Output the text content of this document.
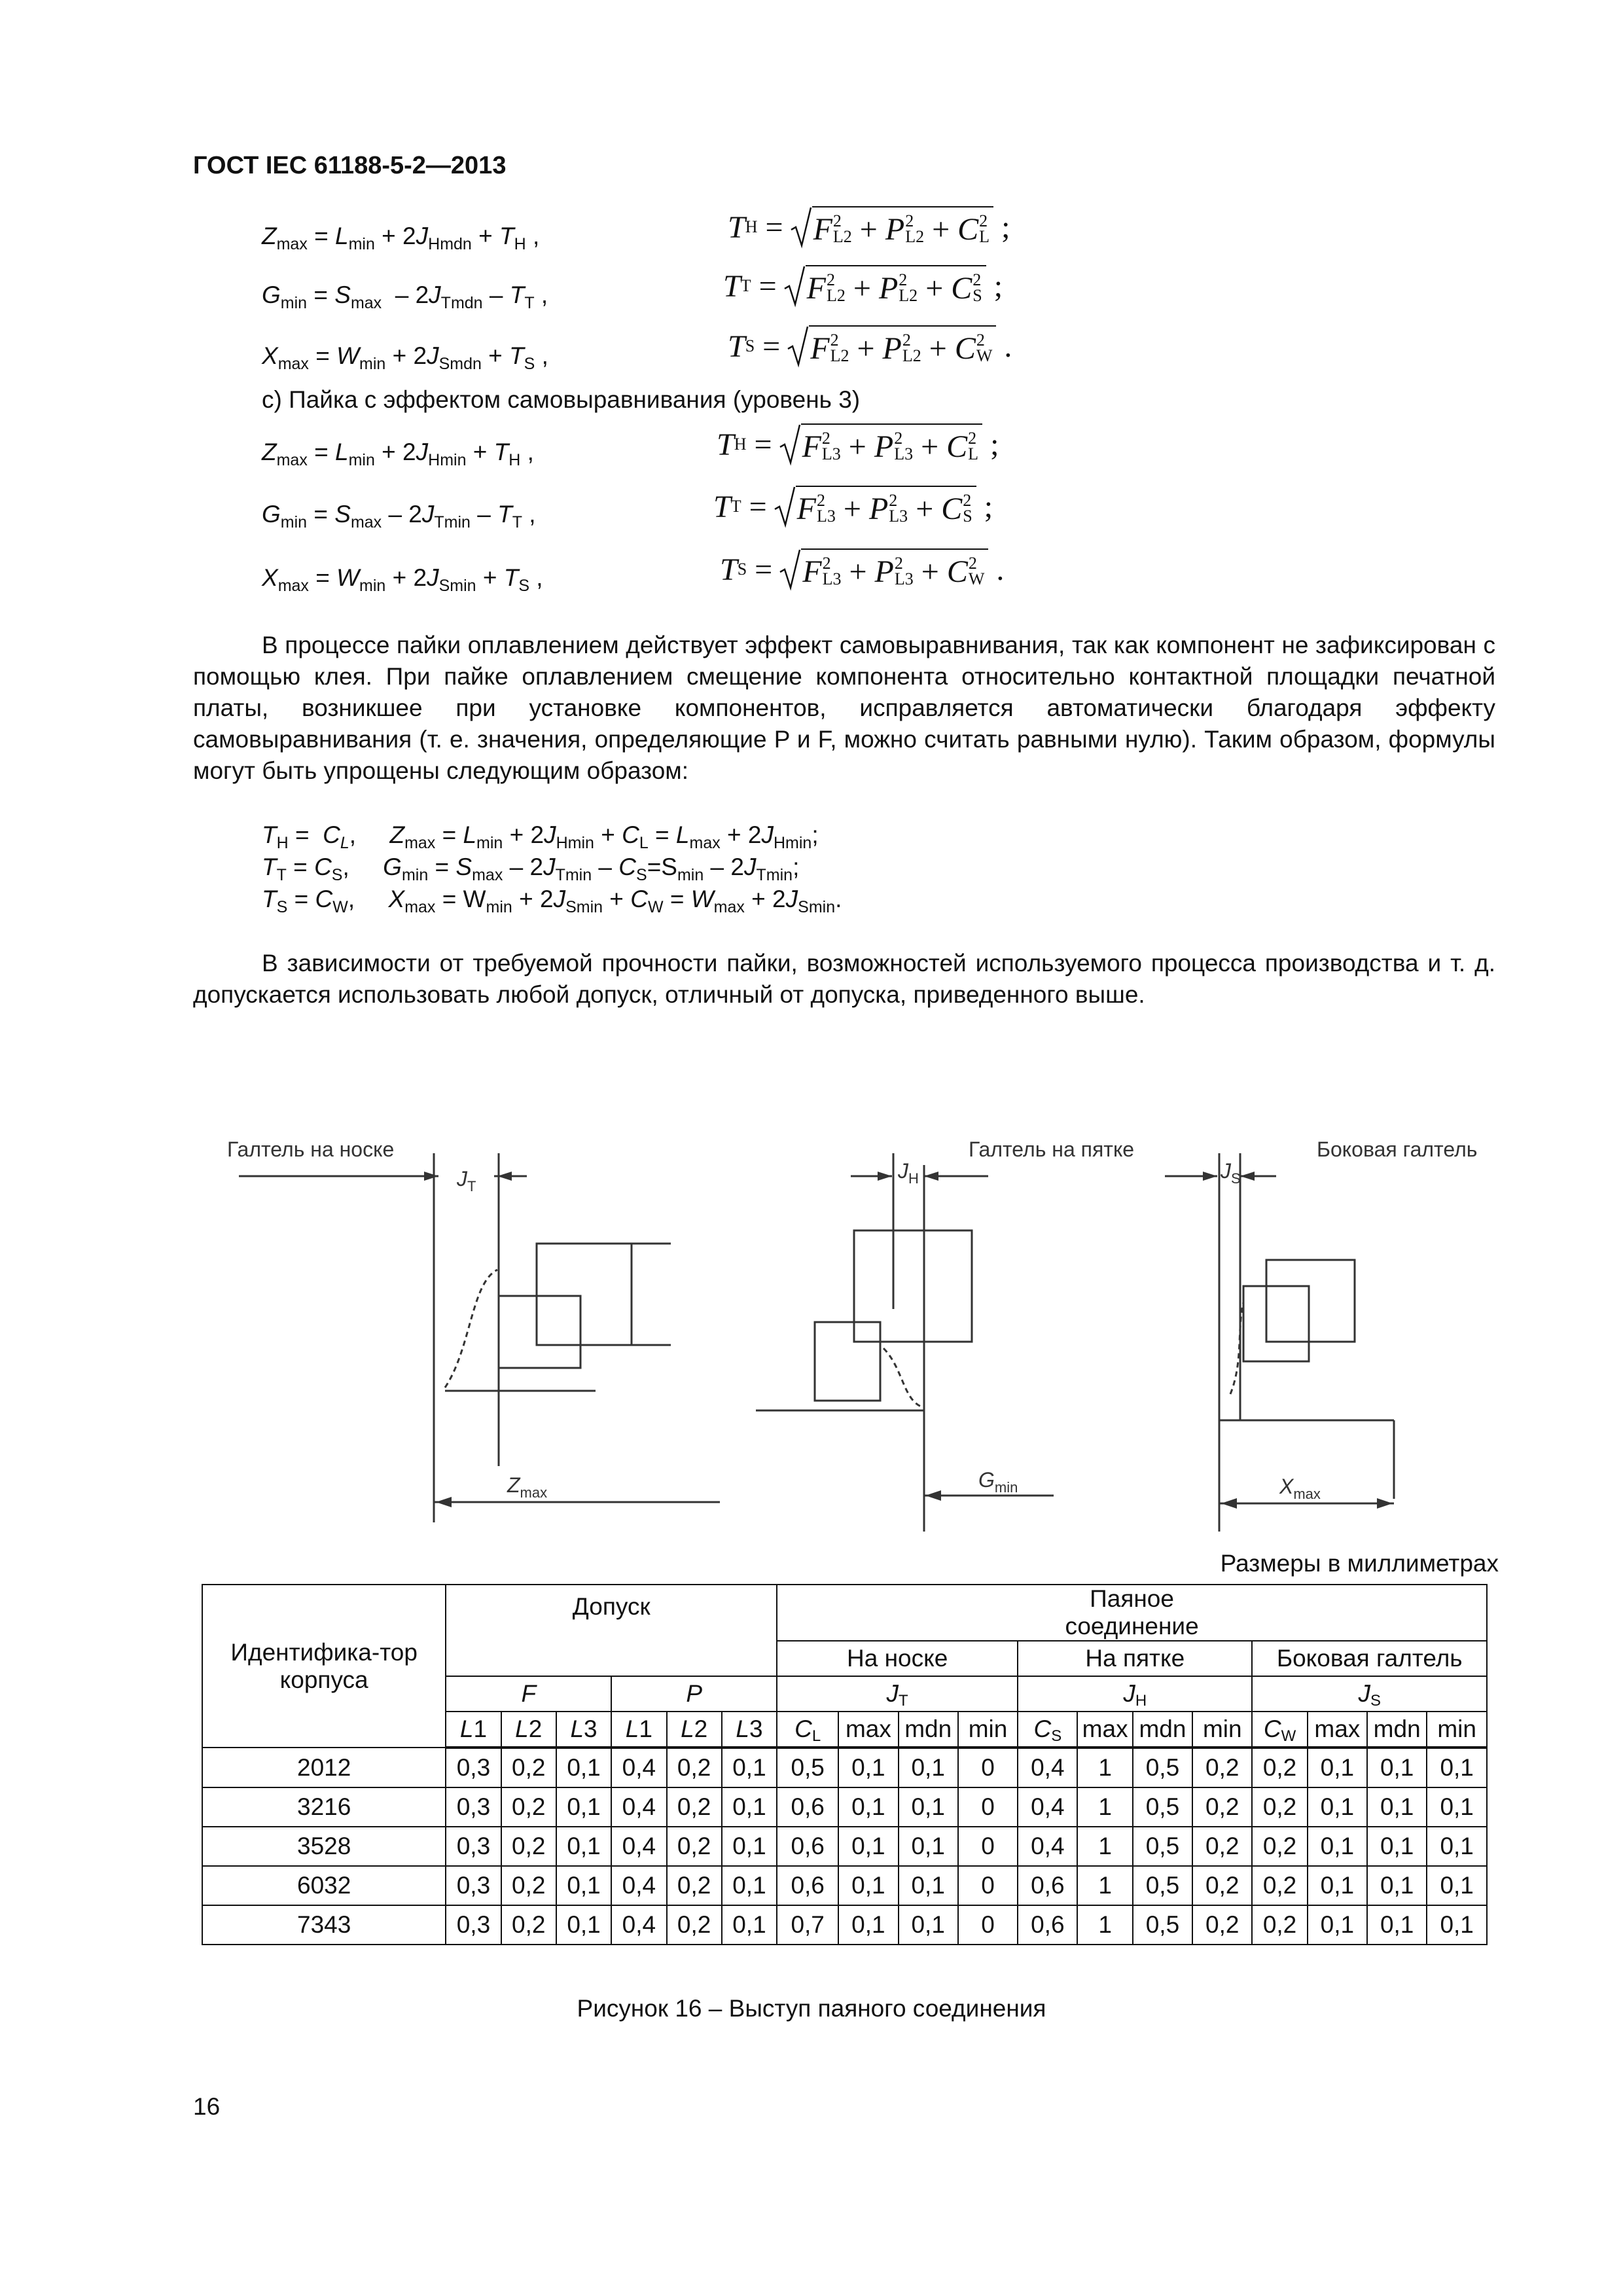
ГОСТ IEC 61188-5-2—2013
$Z_{max} = L_{min} + 2J_{Hmdn} + T_H$ ,
$G_{min} = S_{max} - 2J_{Tmdn} - T_T$ ,
$X_{max} = W_{min} + 2J_{Smdn} + T_S$ ,
T H = F 2
L2 + P 2
L2 + C 2
L ;
T T = F 2
L2 + P 2
L2 + C 2
S ;
T S = F 2
L2 + P 2
L2 + C 2
W .
c) Пайка с эффектом самовыравнивания (уровень 3)
$Z_{max} = L_{min} + 2J_{Hmin} + T_H$ ,
$G_{min} = S_{max} - 2J_{Tmin} - T_T$ ,
$X_{max} = W_{min} + 2J_{Smin} + T_S$ ,
T H = F 2
L3 + P 2
L3 + C 2
L ;
T T = F 2
L3 + P 2
L3 + C 2
S ;
T S = F 2
L3 + P 2
L3 + C 2
W .
В процессе пайки оплавлением действует эффект самовыравнивания, так как компонент не зафиксирован с помощью клея. При пайке оплавлением смещение компонента относительно контактной площадки печатной платы, возникшее при установке компонентов, исправляется автоматически благодаря эффекту самовыравнивания (т. е. значения, определяющие P и F, можно считать равными нулю). Таким образом, формулы могут быть упрощены следующим образом:
$T_H = C_L$,     $Z_{max} = L_{min} + 2J_{Hmin} + C_L = L_{max} + 2J_{Hmin}$;
$T_T = C_S$,     $G_{min} = S_{max} - 2J_{Tmin} - C_S=S_{min} - 2J_{Tmin}$;
$T_S = C_W$,     $X_{max} = W_{min} + 2J_{Smin} + C_W = W_{max} + 2J_{Smin}$.
В зависимости от требуемой прочности пайки, возможностей используемого процесса производства и т. д. допускается использовать любой допуск, отличный от допуска, приведенного выше.
Галтель на носке	Галтель на пятке	Боковая галтель
$J_T$
$J_H$	$J_S$
$Z_{max}$
$G_{min}$	$X_{max}$
Размеры в миллиметрах
Идентифика-тор корпуса	Допуск						Паяное соединение											
							На носке				На пятке				Боковая галтель			
	F			P			$J_T$				$J_H$				$J_S$
	L1	L2	L3	L1	L2	L3	$C_L$	max	mdn	min	$C_S$	max	mdn	min	$C_W$	max	mdn	min
2012	0,3	0,2	0,1	0,4	0,2	0,1	0,5	0,1	0,1	0	0,4	1	0,5	0,2	0,2	0,1	0,1	0,1
3216	0,3	0,2	0,1	0,4	0,2	0,1	0,6	0,1	0,1	0	0,4	1	0,5	0,2	0,2	0,1	0,1	0,1
3528	0,3	0,2	0,1	0,4	0,2	0,1	0,6	0,1	0,1	0	0,4	1	0,5	0,2	0,2	0,1	0,1	0,1
6032	0,3	0,2	0,1	0,4	0,2	0,1	0,6	0,1	0,1	0	0,6	1	0,5	0,2	0,2	0,1	0,1	0,1
7343	0,3	0,2	0,1	0,4	0,2	0,1	0,7	0,1	0,1	0	0,6	1	0,5	0,2	0,2	0,1	0,1	0,1
Рисунок 16 – Выступ паяного соединения
16
